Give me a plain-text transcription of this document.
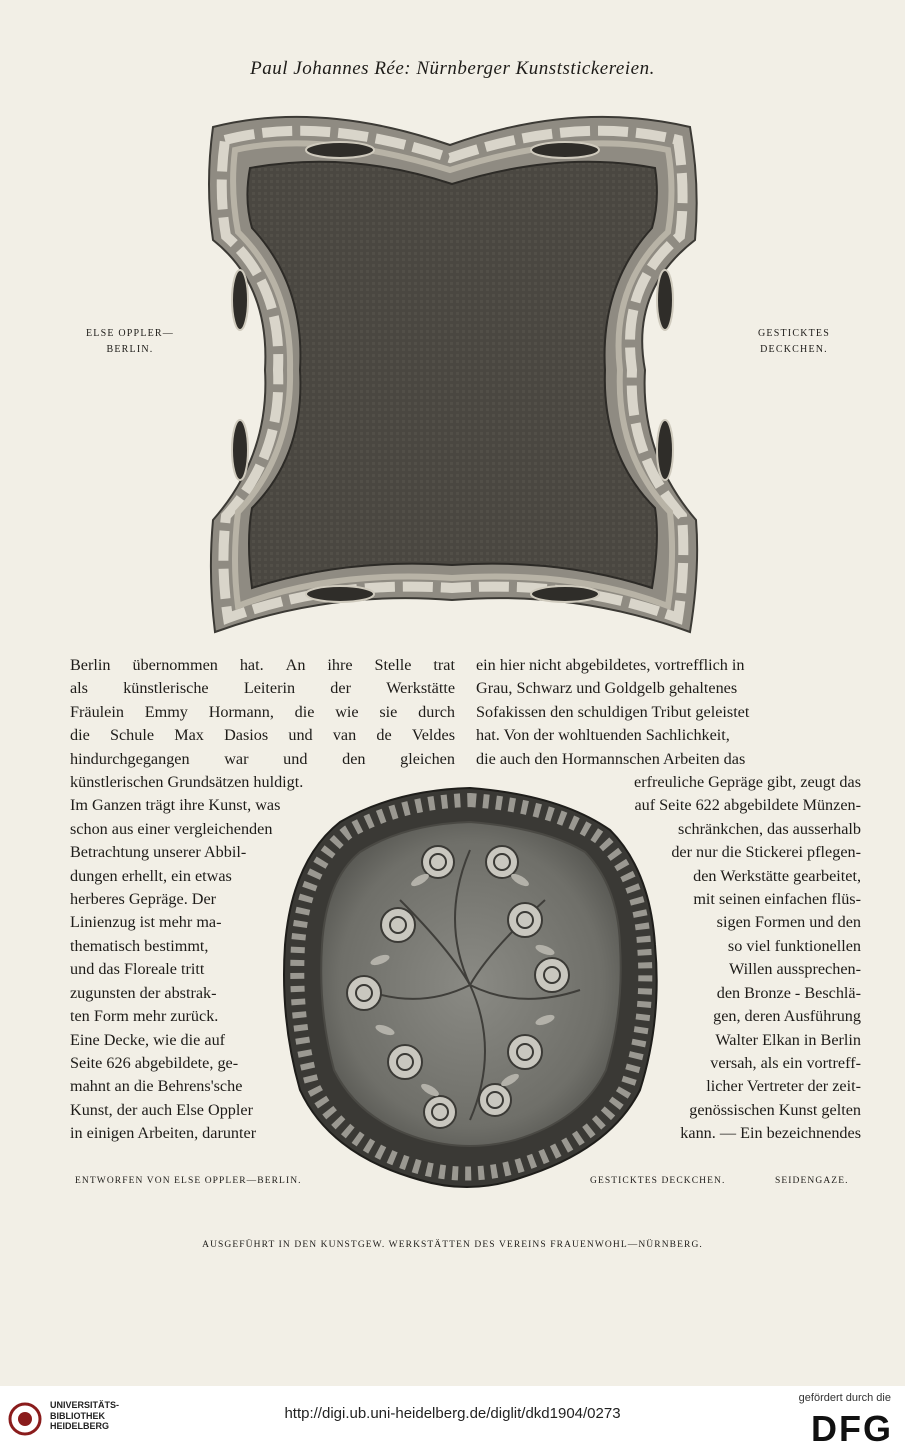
Paul Johannes Rée: Nürnberger Kunststickereien.
ELSE OPPLER—
BERLIN.
GESTICKTES
DECKCHEN.
Berlin übernommen hat. An ihre Stelle trat
als künstlerische Leiterin der Werkstätte
Fräulein Emmy Hormann, die wie sie durch
die Schule Max Dasios und van de Veldes
hindurchgegangen war und den gleichen
künstlerischen Grundsätzen huldigt.
Im Ganzen trägt ihre Kunst, was
schon aus einer vergleichenden
Betrachtung unserer Abbil-
dungen erhellt, ein etwas
herberes Gepräge. Der
Linienzug ist mehr ma-
thematisch bestimmt,
und das Floreale tritt
zugunsten der abstrak-
ten Form mehr zurück.
Eine Decke, wie die auf
Seite 626 abgebildete, ge-
mahnt an die Behrens'sche
Kunst, der auch Else Oppler
in einigen Arbeiten, darunter
ein hier nicht abgebildetes, vortrefflich in
Grau, Schwarz und Goldgelb gehaltenes
Sofakissen den schuldigen Tribut geleistet
hat. Von der wohltuenden Sachlichkeit,
die auch den Hormannschen Arbeiten das
erfreuliche Gepräge gibt, zeugt das
auf Seite 622 abgebildete Münzen-
schränkchen, das ausserhalb
der nur die Stickerei pflegen-
den Werkstätte gearbeitet,
mit seinen einfachen flüs-
sigen Formen und den
so viel funktionellen
Willen aussprechen-
den Bronze - Beschlä-
gen, deren Ausführung
Walter Elkan in Berlin
versah, als ein vortreff-
licher Vertreter der zeit-
genössischen Kunst gelten
kann. — Ein bezeichnendes
ENTWORFEN VON ELSE OPPLER—BERLIN.	GESTICKTES DECKCHEN.	SEIDENGAZE.
AUSGEFÜHRT IN DEN KUNSTGEW. WERKSTÄTTEN DES VEREINS FRAUENWOHL—NÜRNBERG.
UNIVERSITÄTS-
BIBLIOTHEK
HEIDELBERG
http://digi.ub.uni-heidelberg.de/diglit/dkd1904/0273
gefördert durch die
DFG
